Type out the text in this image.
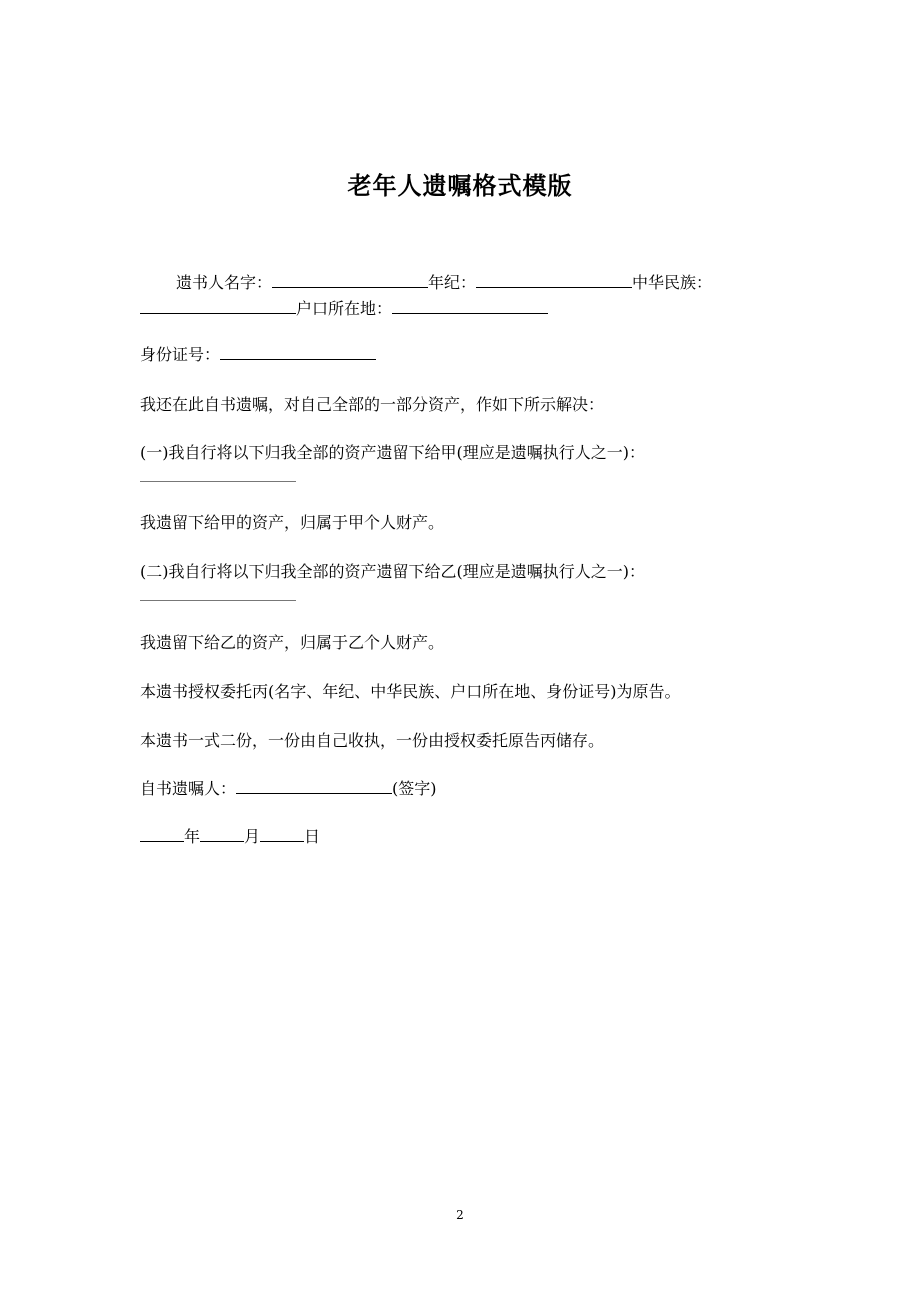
老年人遗嘱格式模版
遗书人名字：	年纪：	中华民族：
户口所在地：
身份证号：
我还在此自书遗嘱，对自己全部的一部分资产，作如下所示解决：
(一)我自行将以下归我全部的资产遗留下给甲(理应是遗嘱执行人之一)：
我遗留下给甲的资产，归属于甲个人财产。
(二)我自行将以下归我全部的资产遗留下给乙(理应是遗嘱执行人之一)：
我遗留下给乙的资产，归属于乙个人财产。
本遗书授权委托丙(名字、年纪、中华民族、户口所在地、身份证号)为原告。
本遗书一式二份，一份由自己收执，一份由授权委托原告丙储存。
自书遗嘱人：	(签字)
年	月	日
2
